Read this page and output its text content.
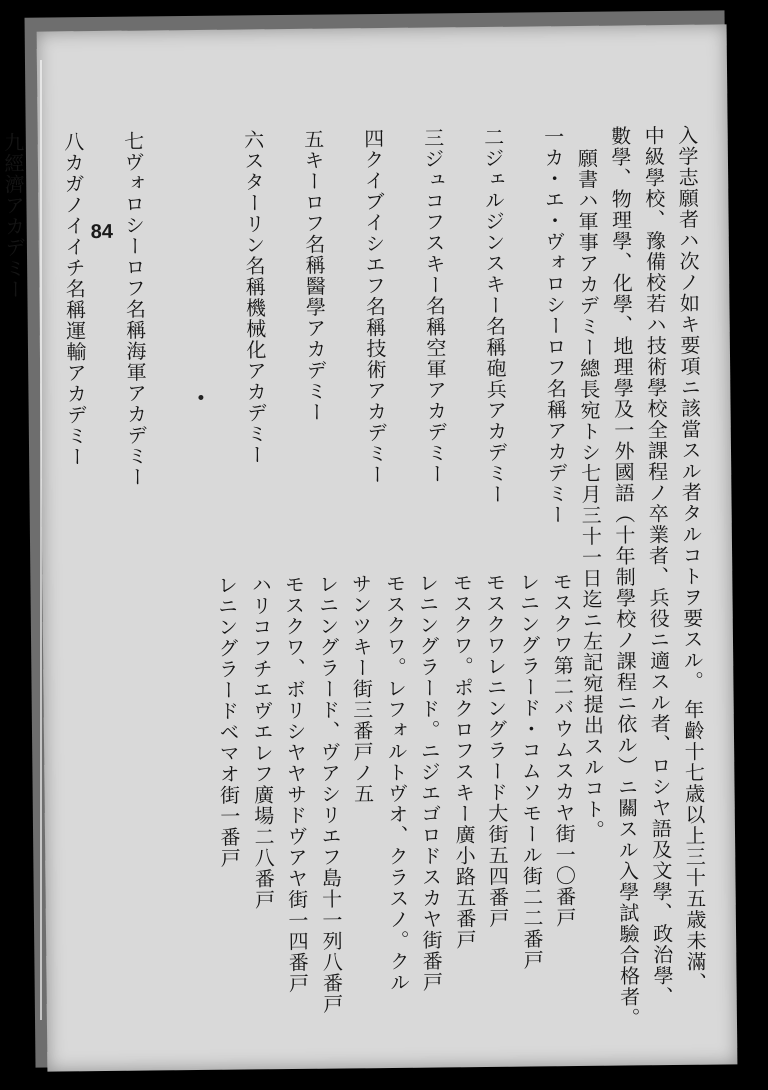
84	入学志願者ハ次ノ如キ要項ニ該當スル者タルコトヲ要スル。 年齡十七歳以上三十五歳未滿、
中級學校、豫備校若ハ技術學校全課程ノ卒業者、兵役ニ適スル者、ロシヤ語及文學、政治學、
數學、物理學、化學、地理學及一外國語（十年制學校ノ課程ニ依ル）ニ關スル入學試驗合格者。
願書ハ軍事アカデミー總長宛トシ七月三十一日迄ニ左記宛提出スルコト。
一カ・エ・ヴォロシーロフ名稱アカデミー
二ジェルジンスキー名稱砲兵アカデミー
三ジュコフスキー名稱空軍アカデミー
四クイブイシエフ名稱技術アカデミー
五キーロフ名稱醫學アカデミー
六スターリン名稱機械化アカデミー
七ヴォロシーロフ名稱海軍アカデミー
八カガノイイチ名稱運輸アカデミー
九經濟アカデミー
モスクワ第二バウムスカヤ街一〇番戸
レニングラード・コムソモール街二二番戸
モスクワレニングラード大街五四番戸
モスクワ。ポクロフスキー廣小路五番戸
レニングラード。ニジエゴロドスカヤ街番戸
モスクワ。レフォルトヴオ、クラスノ。クル
サンツキー街三番戸ノ五
レニングラード、ヴアシリエフ島十一列八番戸
モスクワ、ボリシヤヤサドヴアヤ街一四番戸
ハリコフチエヴエレフ廣場二八番戸
レニングラードベマオ街一番戸
